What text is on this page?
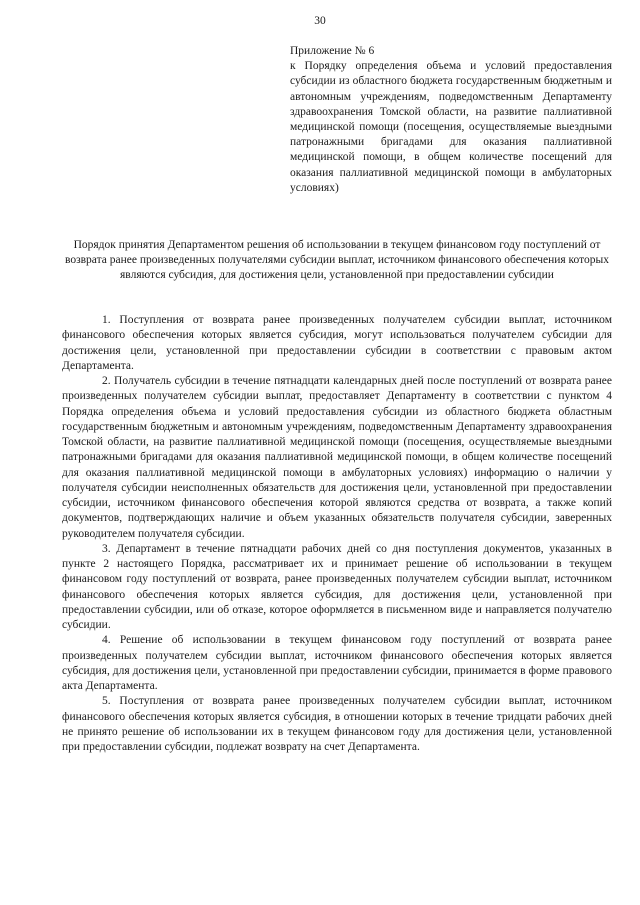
30
Приложение № 6
к Порядку определения объема и условий предоставления субсидии из областного бюджета государственным бюджетным и автономным учреждениям, подведомственным Департаменту здравоохранения Томской области, на развитие паллиативной медицинской помощи (посещения, осуществляемые выездными патронажными бригадами для оказания паллиативной медицинской помощи, в общем количестве посещений для оказания паллиативной медицинской помощи в амбулаторных условиях)
Порядок принятия Департаментом решения об использовании в текущем финансовом году поступлений от возврата ранее произведенных получателями субсидии выплат, источником финансового обеспечения которых являются субсидия, для достижения цели, установленной при предоставлении субсидии

1. Поступления от возврата ранее произведенных получателем субсидии выплат, источником финансового обеспечения которых является субсидия, могут использоваться получателем субсидии для достижения цели, установленной при предоставлении субсидии в соответствии с правовым актом Департамента.

2. Получатель субсидии в течение пятнадцати календарных дней после поступлений от возврата ранее произведенных получателем субсидии выплат, предоставляет Департаменту в соответствии с пунктом 4 Порядка определения объема и условий предоставления субсидии из областного бюджета областным государственным бюджетным и автономным учреждениям, подведомственным Департаменту здравоохранения Томской области, на развитие паллиативной медицинской помощи (посещения, осуществляемые выездными патронажными бригадами для оказания паллиативной медицинской помощи, в общем количестве посещений для оказания паллиативной медицинской помощи в амбулаторных условиях) информацию о наличии у получателя субсидии неисполненных обязательств для достижения цели, установленной при предоставлении субсидии, источником финансового обеспечения которой являются средства от возврата, а также копий документов, подтверждающих наличие и объем указанных обязательств получателя субсидии, заверенных руководителем получателя субсидии.

3. Департамент в течение пятнадцати рабочих дней со дня поступления документов, указанных в пункте 2 настоящего Порядка, рассматривает их и принимает решение об использовании в текущем финансовом году поступлений от возврата, ранее произведенных получателем субсидии выплат, источником финансового обеспечения которых является субсидия, для достижения цели, установленной при предоставлении субсидии, или об отказе, которое оформляется в письменном виде и направляется получателю субсидии.

4. Решение об использовании в текущем финансовом году поступлений от возврата ранее произведенных получателем субсидии выплат, источником финансового обеспечения которых является субсидия, для достижения цели, установленной при предоставлении субсидии, принимается в форме правового акта Департамента.

5. Поступления от возврата ранее произведенных получателем субсидии выплат, источником финансового обеспечения которых является субсидия, в отношении которых в течение тридцати рабочих дней не принято решение об использовании их в текущем финансовом году для достижения цели, установленной при предоставлении субсидии, подлежат возврату на счет Департамента.
